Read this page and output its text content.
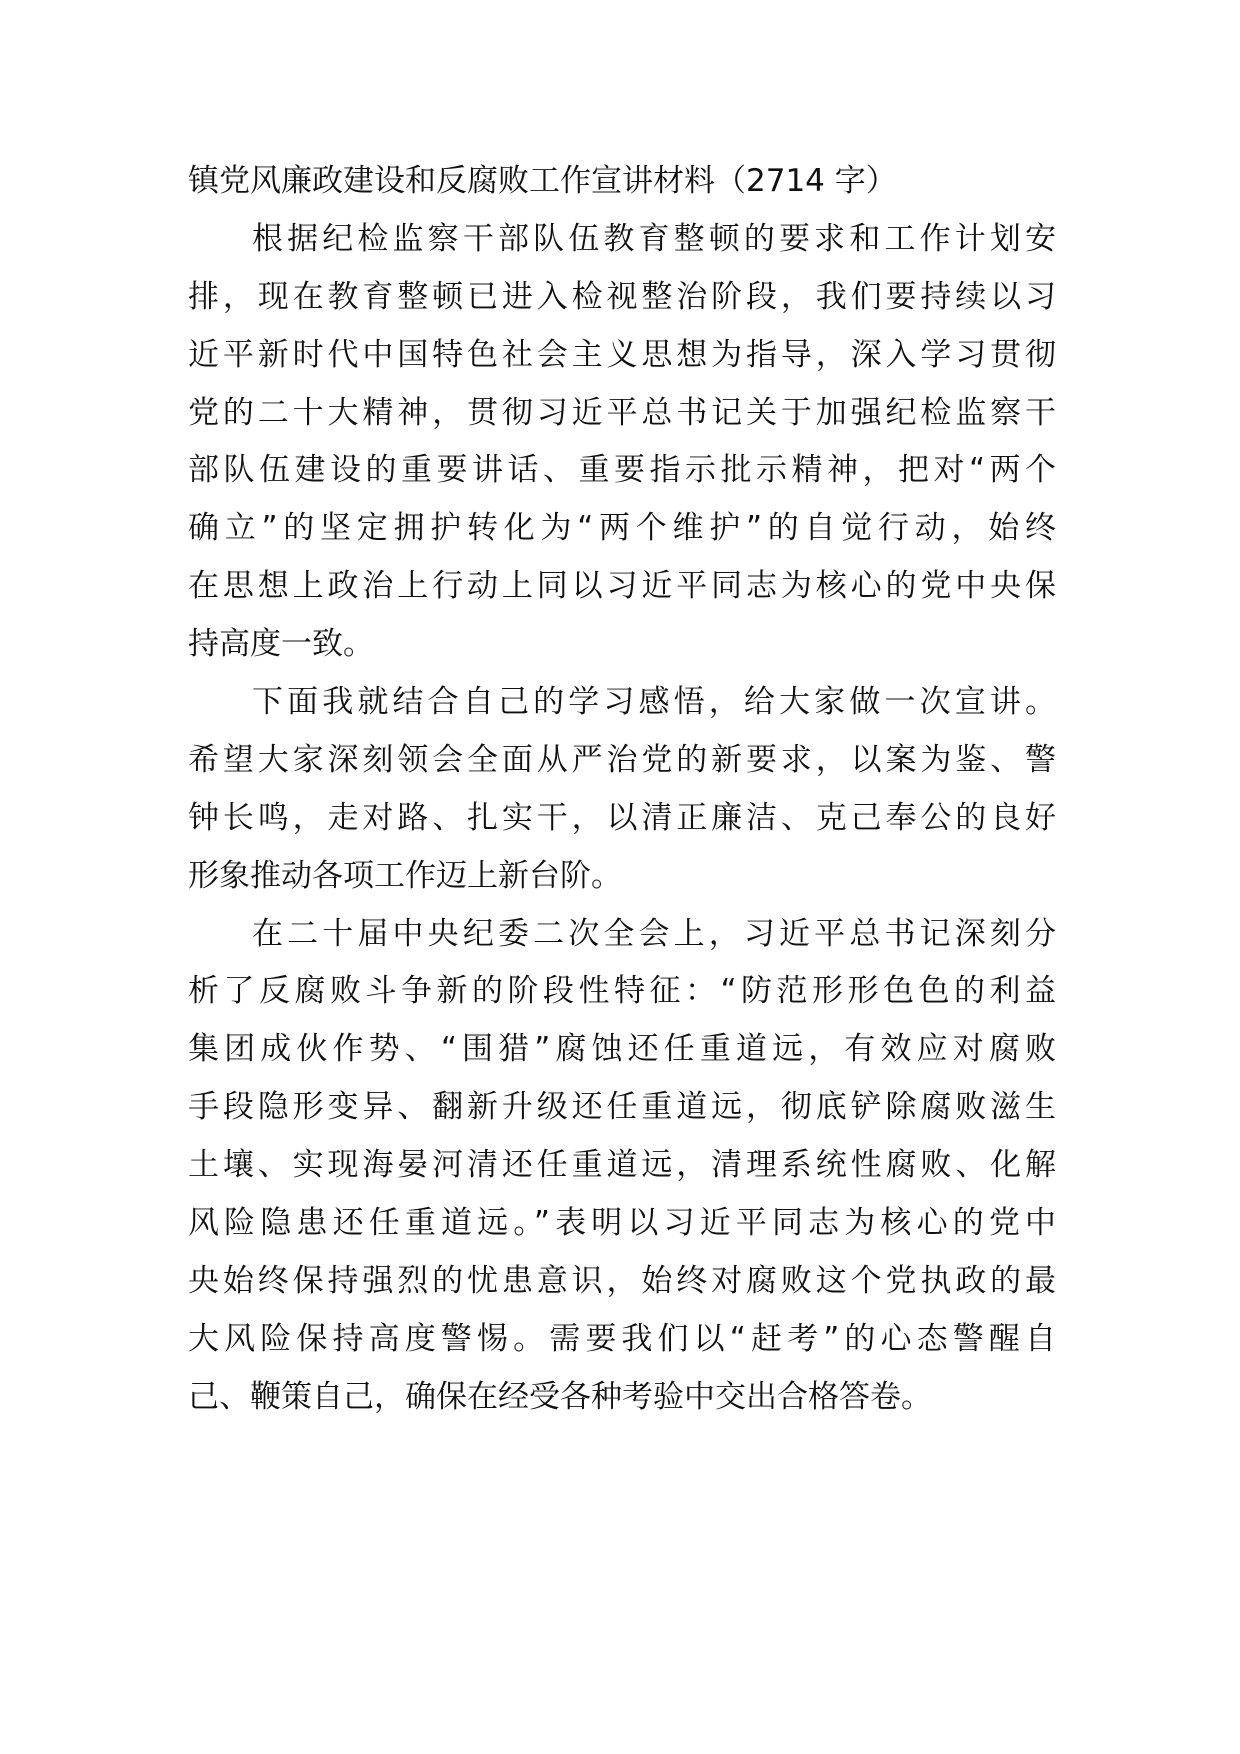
镇党风廉政建设和反腐败工作宣讲材料（2714 字）
根据纪检监察干部队伍教育整顿的要求和工作计划安
排，现在教育整顿已进入检视整治阶段，我们要持续以习
近平新时代中国特色社会主义思想为指导，深入学习贯彻
党的二十大精神，贯彻习近平总书记关于加强纪检监察干
部队伍建设的重要讲话、重要指示批示精神，把对“两个
确立”的坚定拥护转化为“两个维护”的自觉行动，始终
在思想上政治上行动上同以习近平同志为核心的党中央保
持高度一致。
下面我就结合自己的学习感悟，给大家做一次宣讲。
希望大家深刻领会全面从严治党的新要求，以案为鉴、警
钟长鸣，走对路、扎实干，以清正廉洁、克己奉公的良好
形象推动各项工作迈上新台阶。
在二十届中央纪委二次全会上，习近平总书记深刻分
析了反腐败斗争新的阶段性特征：“防范形形色色的利益
集团成伙作势、“围猎”腐蚀还任重道远，有效应对腐败
手段隐形变异、翻新升级还任重道远，彻底铲除腐败滋生
土壤、实现海晏河清还任重道远，清理系统性腐败、化解
风险隐患还任重道远。”表明以习近平同志为核心的党中
央始终保持强烈的忧患意识，始终对腐败这个党执政的最
大风险保持高度警惕。需要我们以“赶考”的心态警醒自
己、鞭策自己，确保在经受各种考验中交出合格答卷。
